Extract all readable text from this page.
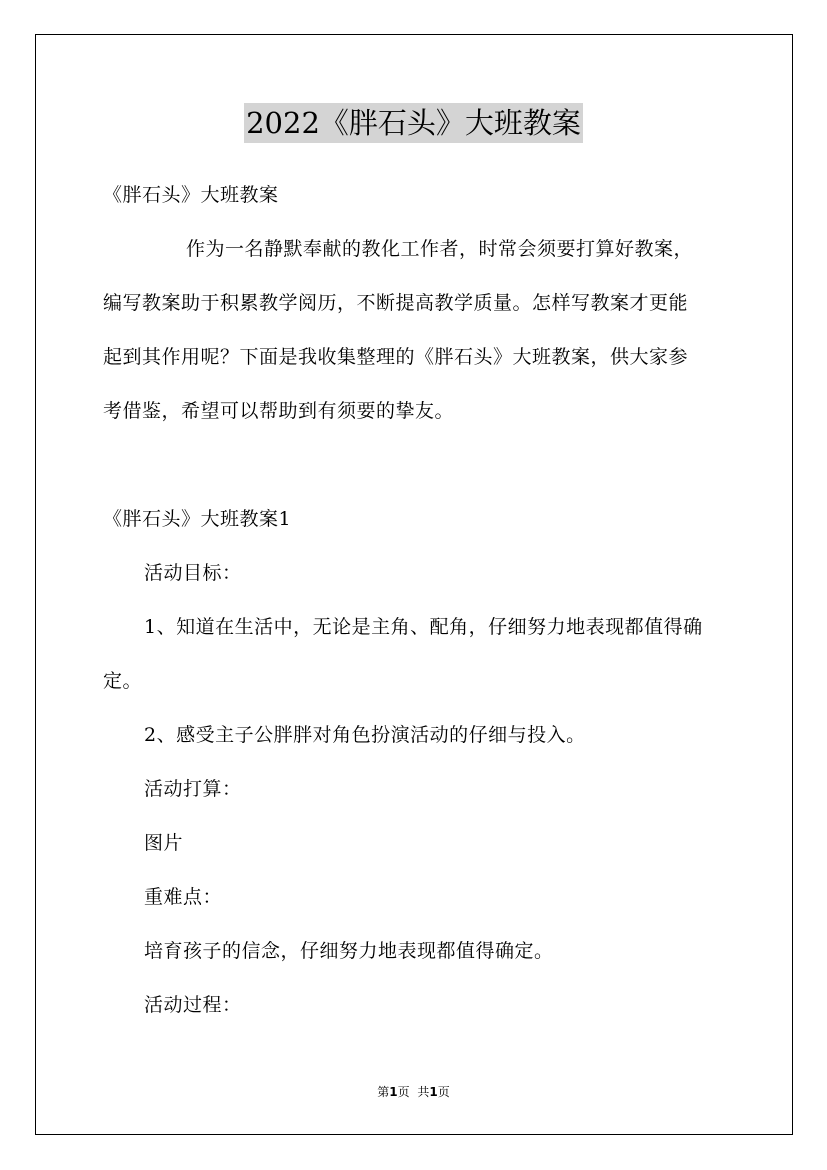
2022《胖石头》大班教案
《胖石头》大班教案
作为一名静默奉献的教化工作者，时常会须要打算好教案，
编写教案助于积累教学阅历，不断提高教学质量。怎样写教案才更能
起到其作用呢？下面是我收集整理的《胖石头》大班教案，供大家参
考借鉴，希望可以帮助到有须要的挚友。
《胖石头》大班教案1
活动目标：
1、知道在生活中，无论是主角、配角，仔细努力地表现都值得确
定。
2、感受主子公胖胖对角色扮演活动的仔细与投入。
活动打算：
图片
重难点：
培育孩子的信念，仔细努力地表现都值得确定。
活动过程：
第1页 共1页
